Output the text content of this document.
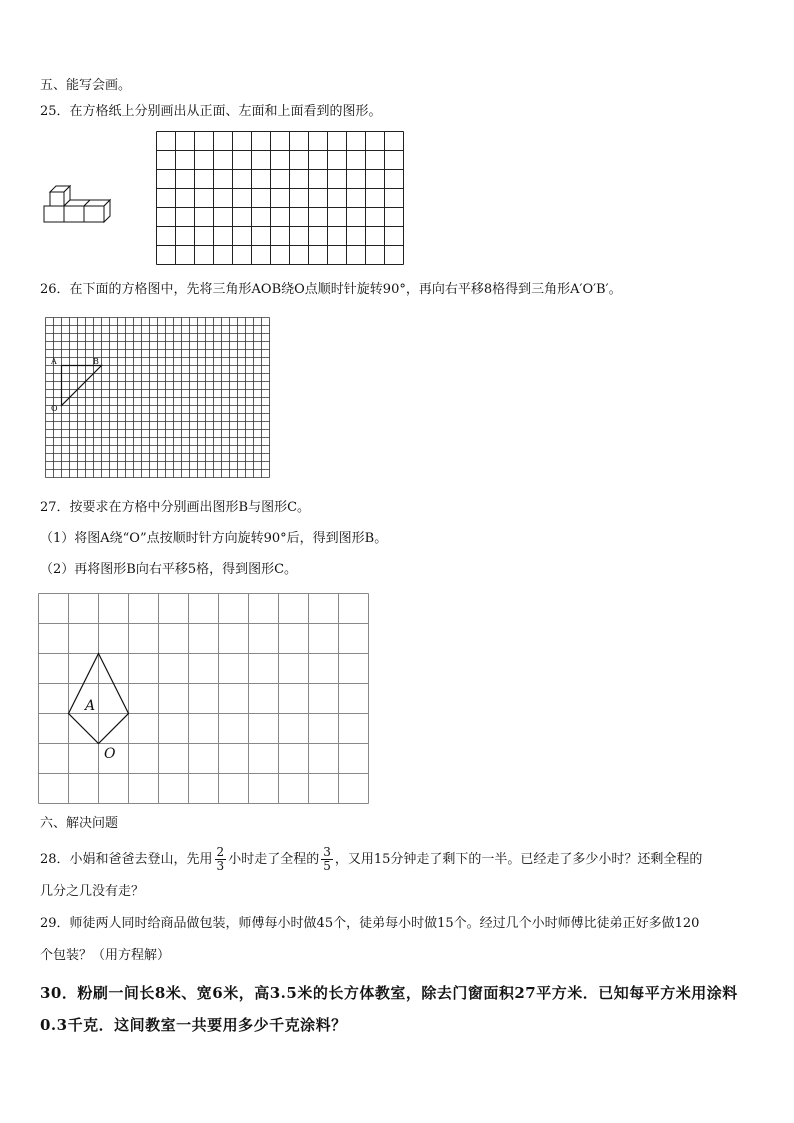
五、能写会画。
25．在方格纸上分别画出从正面、左面和上面看到的图形。
26．在下面的方格图中，先将三角形AOB绕O点顺时针旋转90°，再向右平移8格得到三角形A′O′B′。
A	B
O
27．按要求在方格中分别画出图形B与图形C。
（1）将图A绕“O”点按顺时针方向旋转90°后，得到图形B。
（2）再将图形B向右平移5格，得到图形C。
A
O
六、解决问题
28．小娟和爸爸去登山，先用 $\frac{2}{3}$ 小时走了全程的 $\frac{3}{5}$ ，又用15分钟走了剩下的一半。已经走了多少小时？还剩全程的
几分之几没有走？
29．师徒两人同时给商品做包装，师傅每小时做45个，徒弟每小时做15个。经过几个小时师傅比徒弟正好多做120
个包装？（用方程解）
30．粉刷一间长8米、宽6米，高3.5米的长方体教室，除去门窗面积27平方米．已知每平方米用涂料
0.3千克．这间教室一共要用多少千克涂料？
